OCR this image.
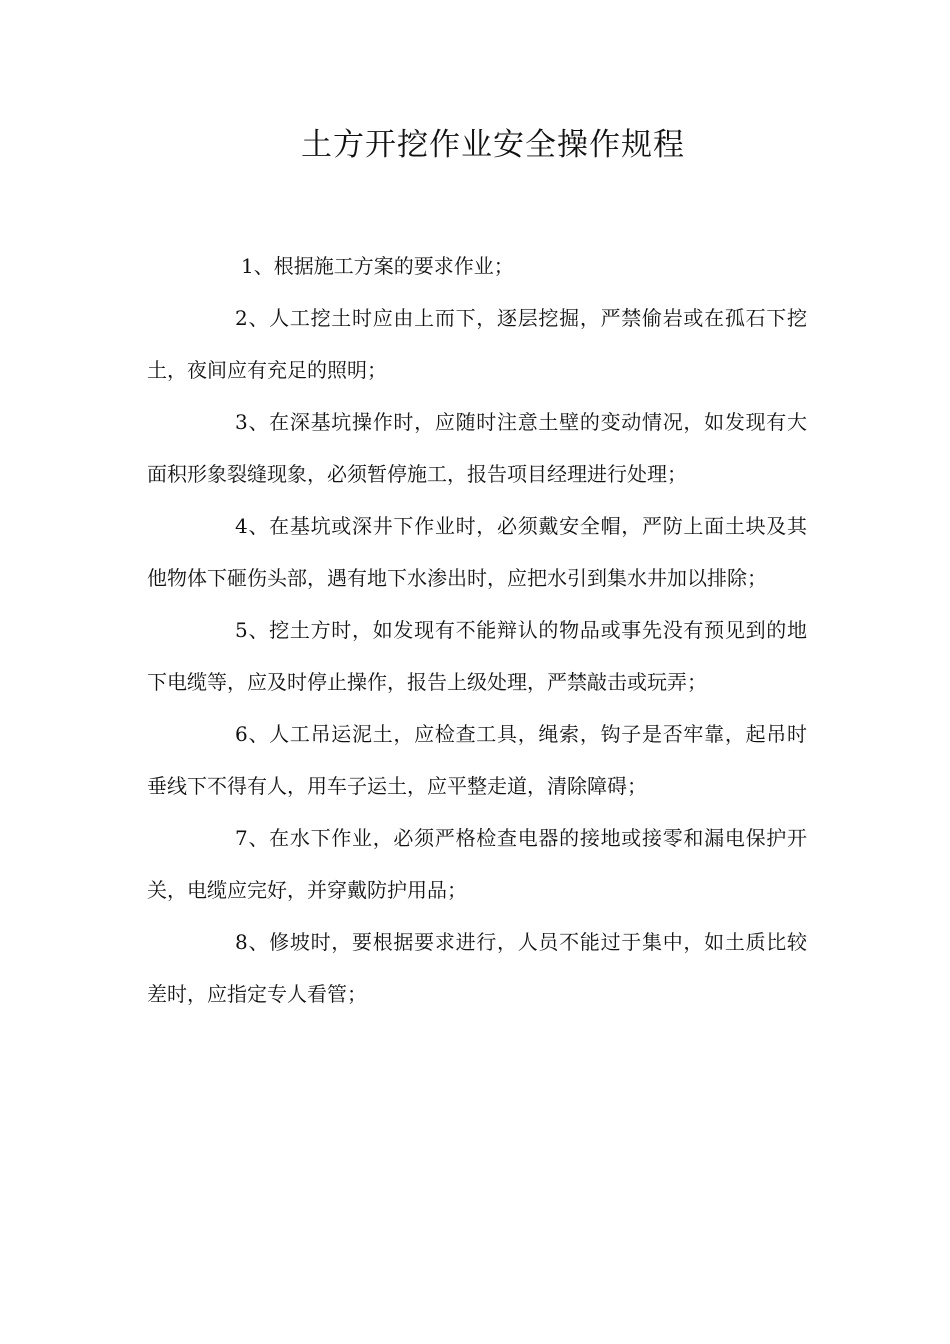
土方开挖作业安全操作规程

1、根据施工方案的要求作业；

2、人工挖土时应由上而下，逐层挖掘，严禁偷岩或在孤石下挖土，夜间应有充足的照明；

3、在深基坑操作时，应随时注意土壁的变动情况，如发现有大面积形象裂缝现象，必须暂停施工，报告项目经理进行处理；

4、在基坑或深井下作业时，必须戴安全帽，严防上面土块及其他物体下砸伤头部，遇有地下水渗出时，应把水引到集水井加以排除；

5、挖土方时，如发现有不能辩认的物品或事先没有预见到的地下电缆等，应及时停止操作，报告上级处理，严禁敲击或玩弄；

6、人工吊运泥土，应检查工具，绳索，钩子是否牢靠，起吊时垂线下不得有人，用车子运土，应平整走道，清除障碍；

7、在水下作业，必须严格检查电器的接地或接零和漏电保护开关，电缆应完好，并穿戴防护用品；

8、修坡时，要根据要求进行，人员不能过于集中，如土质比较差时，应指定专人看管；
